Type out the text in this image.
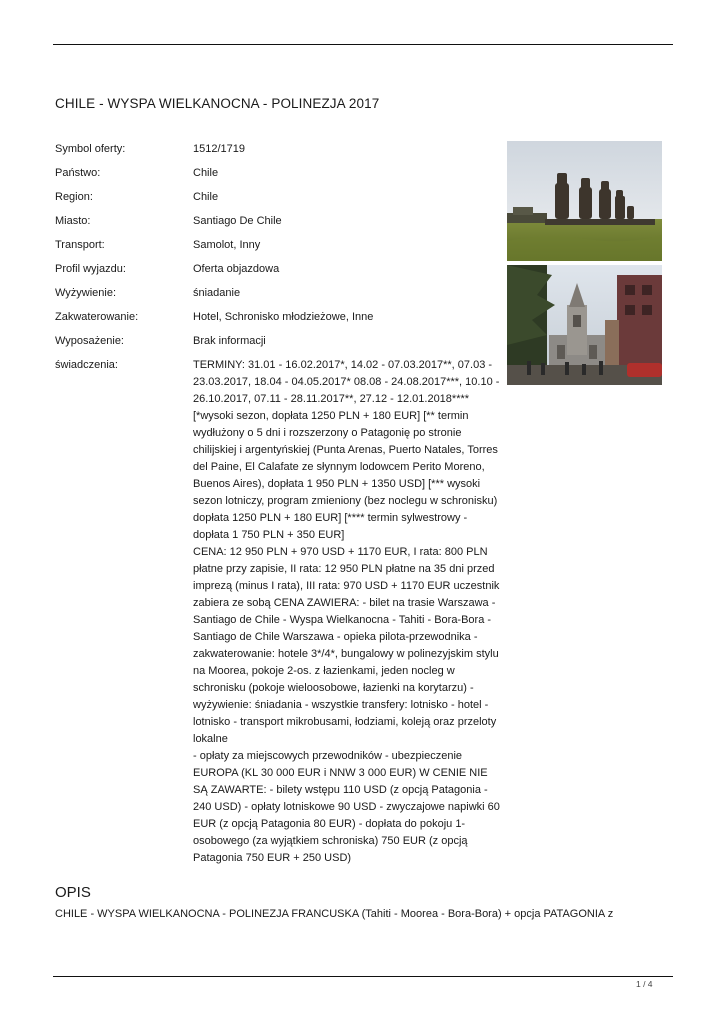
CHILE - WYSPA WIELKANOCNA - POLINEZJA 2017
Symbol oferty:	1512/1719
Państwo:	Chile
Region:	Chile
Miasto:	Santiago De Chile
Transport:	Samolot, Inny
Profil wyjazdu:	Oferta objazdowa
Wyżywienie:	śniadanie
Zakwaterowanie:	Hotel, Schronisko młodzieżowe, Inne
Wyposażenie:	Brak informacji
świadczenia:	TERMINY: 31.01 - 16.02.2017*, 14.02 - 07.03.2017**, 07.03 - 23.03.2017, 18.04 - 04.05.2017* 08.08 - 24.08.2017***, 10.10 - 26.10.2017, 07.11 - 28.11.2017**, 27.12 - 12.01.2018**** [*wysoki sezon, dopłata 1250 PLN + 180 EUR] [** termin wydłużony o 5 dni i rozszerzony o Patagonię po stronie chilijskiej i argentyńskiej (Punta Arenas, Puerto Natales, Torres del Paine, El Calafate ze słynnym lodowcem Perito Moreno, Buenos Aires), dopłata 1 950 PLN + 1350 USD] [*** wysoki sezon lotniczy, program zmieniony (bez noclegu w schronisku) dopłata 1250 PLN + 180 EUR] [**** termin sylwestrowy - dopłata 1 750 PLN + 350 EUR]
CENA: 12 950 PLN + 970 USD + 1170 EUR, I rata: 800 PLN płatne przy zapisie, II rata: 12 950 PLN płatne na 35 dni przed imprezą (minus I rata), III rata: 970 USD + 1170 EUR uczestnik zabiera ze sobą CENA ZAWIERA: - bilet na trasie Warszawa - Santiago de Chile - Wyspa Wielkanocna - Tahiti - Bora-Bora - Santiago de Chile Warszawa - opieka pilota-przewodnika - zakwaterowanie: hotele 3*/4*, bungalowy w polinezyjskim stylu na Moorea, pokoje 2-os. z łazienkami, jeden nocleg w schronisku (pokoje wieloosobowe, łazienki na korytarzu) - wyżywienie: śniadania - wszystkie transfery: lotnisko - hotel - lotnisko - transport mikrobusami, łodziami, koleją oraz przeloty lokalne
- opłaty za miejscowych przewodników - ubezpieczenie EUROPA (KL 30 000 EUR i NNW 3 000 EUR) W CENIE NIE SĄ ZAWARTE: - bilety wstępu 110 USD (z opcją Patagonia - 240 USD) - opłaty lotniskowe 90 USD - zwyczajowe napiwki 60 EUR (z opcją Patagonia 80 EUR) - dopłata do pokoju 1-osobowego (za wyjątkiem schroniska) 750 EUR (z opcją Patagonia 750 EUR + 250 USD)
OPIS
CHILE - WYSPA WIELKANOCNA - POLINEZJA FRANCUSKA (Tahiti - Moorea - Bora-Bora) + opcja PATAGONIA z
1 / 4
